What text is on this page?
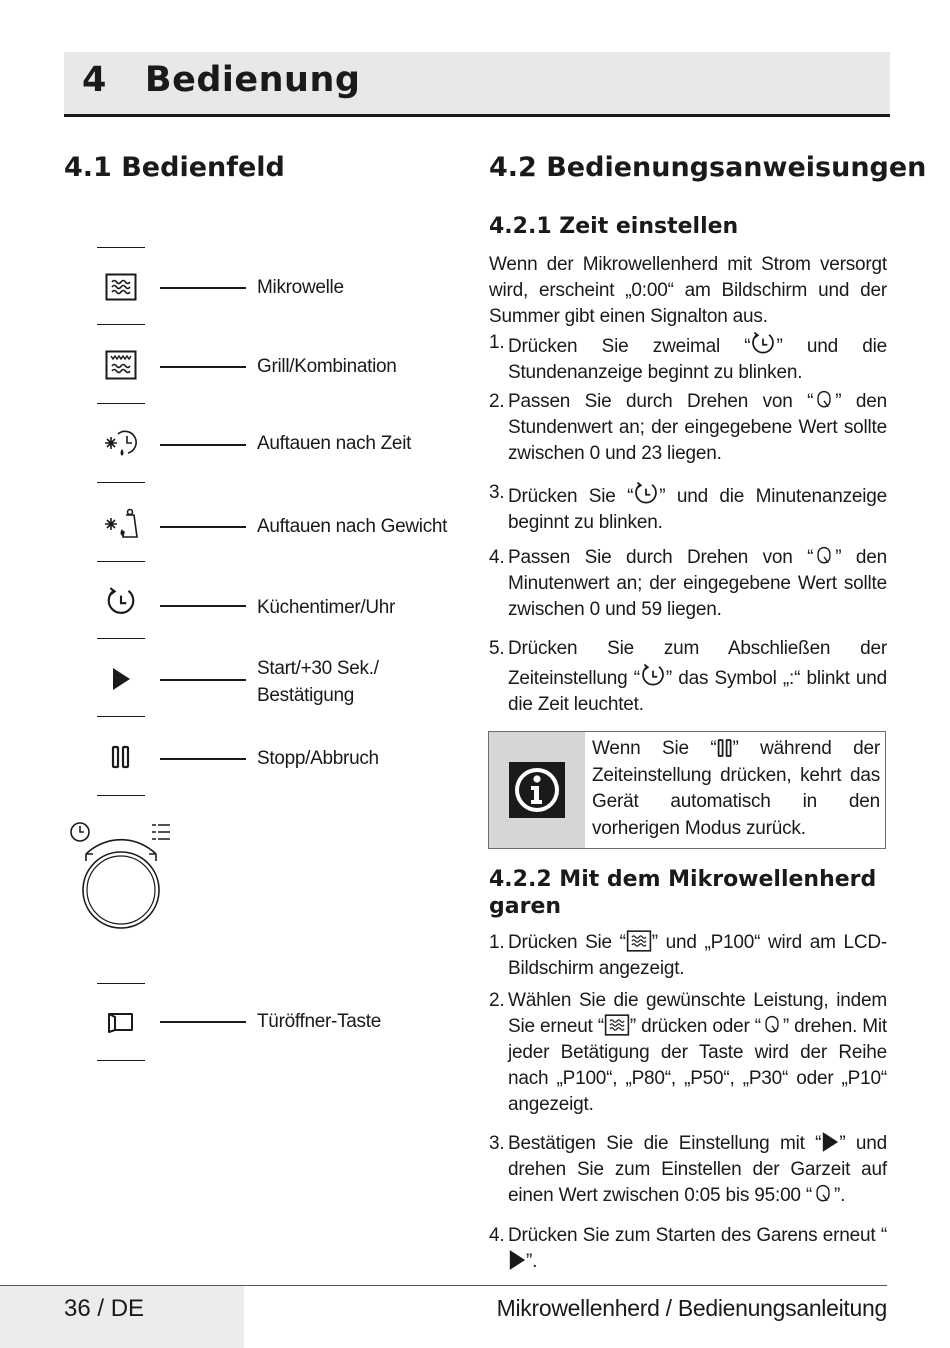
4   Bedienung
4.1 Bedienfeld
Mikrowelle
Grill/Kombination
Auftauen nach Zeit
Auftauen nach Gewicht
Küchentimer/Uhr
Start/+30 Sek./
Bestätigung
Stopp/Abbruch
Türöffner-Taste
4.2 Bedienungsanweisungen
4.2.1 Zeit einstellen
Wenn der Mikrowellenherd mit Strom versorgt wird, erscheint „0:00“ am Bildschirm und der Summer gibt einen Signalton aus.
1. Drücken Sie zweimal “ ” und die Stundenanzeige beginnt zu blinken.
2. Passen Sie durch Drehen von “ ” den Stundenwert an; der eingegebene Wert sollte zwischen 0 und 23 liegen.
3. Drücken Sie “ ” und die Minutenanzeige beginnt zu blinken.
4. Passen Sie durch Drehen von “ ” den Minutenwert an; der eingegebene Wert sollte zwischen 0 und 59 liegen.
5. Drücken Sie zum Abschließen der Zeiteinstellung “ ” das Symbol „:“ blinkt und die Zeit leuchtet.
Wenn Sie “ ” während der Zeiteinstellung drücken, kehrt das Gerät automatisch in den vorherigen Modus zurück.
4.2.2 Mit dem Mikrowellenherd garen
1. Drücken Sie “ ” und „P100“ wird am LCD-Bildschirm angezeigt.
2. Wählen Sie die gewünschte Leistung, indem Sie erneut “ ” drücken oder “ ” drehen. Mit jeder Betätigung der Taste wird der Reihe nach „P100“, „P80“, „P50“, „P30“ oder „P10“ angezeigt.
3. Bestätigen Sie die Einstellung mit “ ” und drehen Sie zum Einstellen der Garzeit auf einen Wert zwischen 0:05 bis 95:00 “ ”.
4. Drücken Sie zum Starten des Garens erneut “”.
36 / DE	Mikrowellenherd / Bedienungsanleitung
